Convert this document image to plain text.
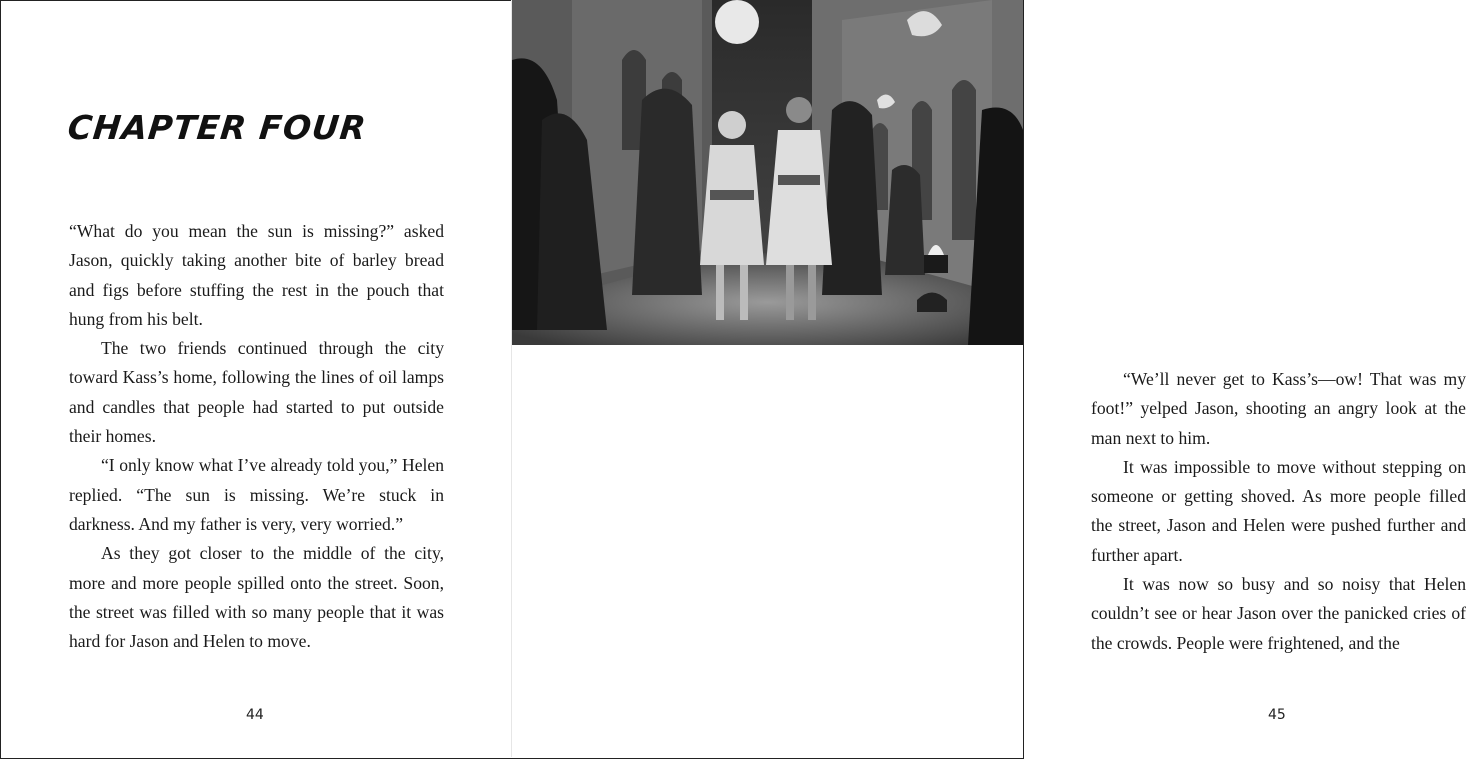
CHAPTER FOUR

“What do you mean the sun is missing?” asked Jason, quickly taking another bite of barley bread and figs before stuffing the rest in the pouch that hung from his belt.

The two friends continued through the city toward Kass’s home, following the lines of oil lamps and candles that people had started to put outside their homes.

“I only know what I’ve already told you,” Helen replied. “The sun is missing. We’re stuck in darkness. And my father is very, very worried.”

As they got closer to the middle of the city, more and more people spilled onto the street. Soon, the street was filled with so many people that it was hard for Jason and Helen to move.

44

“We’ll never get to Kass’s—ow! That was my foot!” yelped Jason, shooting an angry look at the man next to him.

It was impossible to move without stepping on someone or getting shoved. As more people filled the street, Jason and Helen were pushed further and further apart.

It was now so busy and so noisy that Helen couldn’t see or hear Jason over the panicked cries of the crowds. People were frightened, and the

45
